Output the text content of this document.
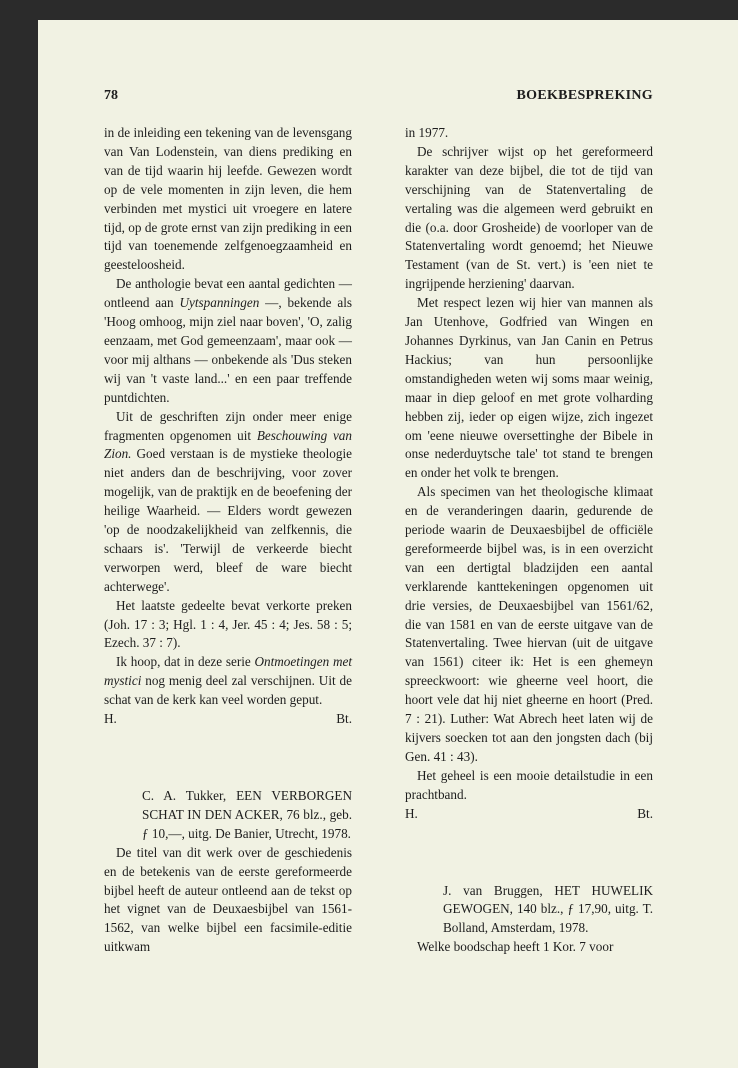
78	BOEKBESPREKING

in de inleiding een tekening van de levensgang van Van Lodenstein, van diens prediking en van de tijd waarin hij leefde. Gewezen wordt op de vele momenten in zijn leven, die hem verbinden met mystici uit vroegere en latere tijd, op de grote ernst van zijn prediking in een tijd van toenemende zelfgenoegzaamheid en geesteloosheid.

De anthologie bevat een aantal gedichten — ontleend aan Uytspanningen —, bekende als 'Hoog omhoog, mijn ziel naar boven', 'O, zalig eenzaam, met God gemeenzaam', maar ook — voor mij althans — onbekende als 'Dus steken wij van 't vaste land...' en een paar treffende puntdichten.

Uit de geschriften zijn onder meer enige fragmenten opgenomen uit Beschouwing van Zion. Goed verstaan is de mystieke theologie niet anders dan de beschrijving, voor zover mogelijk, van de praktijk en de beoefening der heilige Waarheid. — Elders wordt gewezen 'op de noodzakelijkheid van zelfkennis, die schaars is'. 'Terwijl de verkeerde biecht verworpen werd, bleef de ware biecht achterwege'.

Het laatste gedeelte bevat verkorte preken (Joh. 17 : 3; Hgl. 1 : 4, Jer. 45 : 4; Jes. 58 : 5; Ezech. 37 : 7).

Ik hoop, dat in deze serie Ontmoetingen met mystici nog menig deel zal verschijnen. Uit de schat van de kerk kan veel worden geput.

H.	Bt.

C. A. Tukker, EEN VERBORGEN SCHAT IN DEN ACKER, 76 blz., geb. ƒ 10,—, uitg. De Banier, Utrecht, 1978.

De titel van dit werk over de geschiedenis en de betekenis van de eerste gereformeerde bijbel heeft de auteur ontleend aan de tekst op het vignet van de Deuxaesbijbel van 1561-1562, van welke bijbel een facsimile-editie uitkwam

in 1977.

De schrijver wijst op het gereformeerd karakter van deze bijbel, die tot de tijd van verschijning van de Statenvertaling de vertaling was die algemeen werd gebruikt en die (o.a. door Grosheide) de voorloper van de Statenvertaling wordt genoemd; het Nieuwe Testament (van de St. vert.) is 'een niet te ingrijpende herziening' daarvan.

Met respect lezen wij hier van mannen als Jan Utenhove, Godfried van Wingen en Johannes Dyrkinus, van Jan Canin en Petrus Hackius; van hun persoonlijke omstandigheden weten wij soms maar weinig, maar in diep geloof en met grote volharding hebben zij, ieder op eigen wijze, zich ingezet om 'eene nieuwe oversettinghe der Bibele in onse nederduytsche tale' tot stand te brengen en onder het volk te brengen.

Als specimen van het theologische klimaat en de veranderingen daarin, gedurende de periode waarin de Deuxaesbijbel de officiële gereformeerde bijbel was, is in een overzicht van een dertigtal bladzijden een aantal verklarende kanttekeningen opgenomen uit drie versies, de Deuxaesbijbel van 1561/62, die van 1581 en van de eerste uitgave van de Statenvertaling. Twee hiervan (uit de uitgave van 1561) citeer ik: Het is een ghemeyn spreeckwoort: wie gheerne veel hoort, die hoort vele dat hij niet gheerne en hoort (Pred. 7 : 21). Luther: Wat Abrech heet laten wij de kijvers soecken tot aan den jongsten dach (bij Gen. 41 : 43).

Het geheel is een mooie detailstudie in een prachtband.

H.	Bt.

J. van Bruggen, HET HUWELIK GEWOGEN, 140 blz., ƒ 17,90, uitg. T. Bolland, Amsterdam, 1978.

Welke boodschap heeft 1 Kor. 7 voor
